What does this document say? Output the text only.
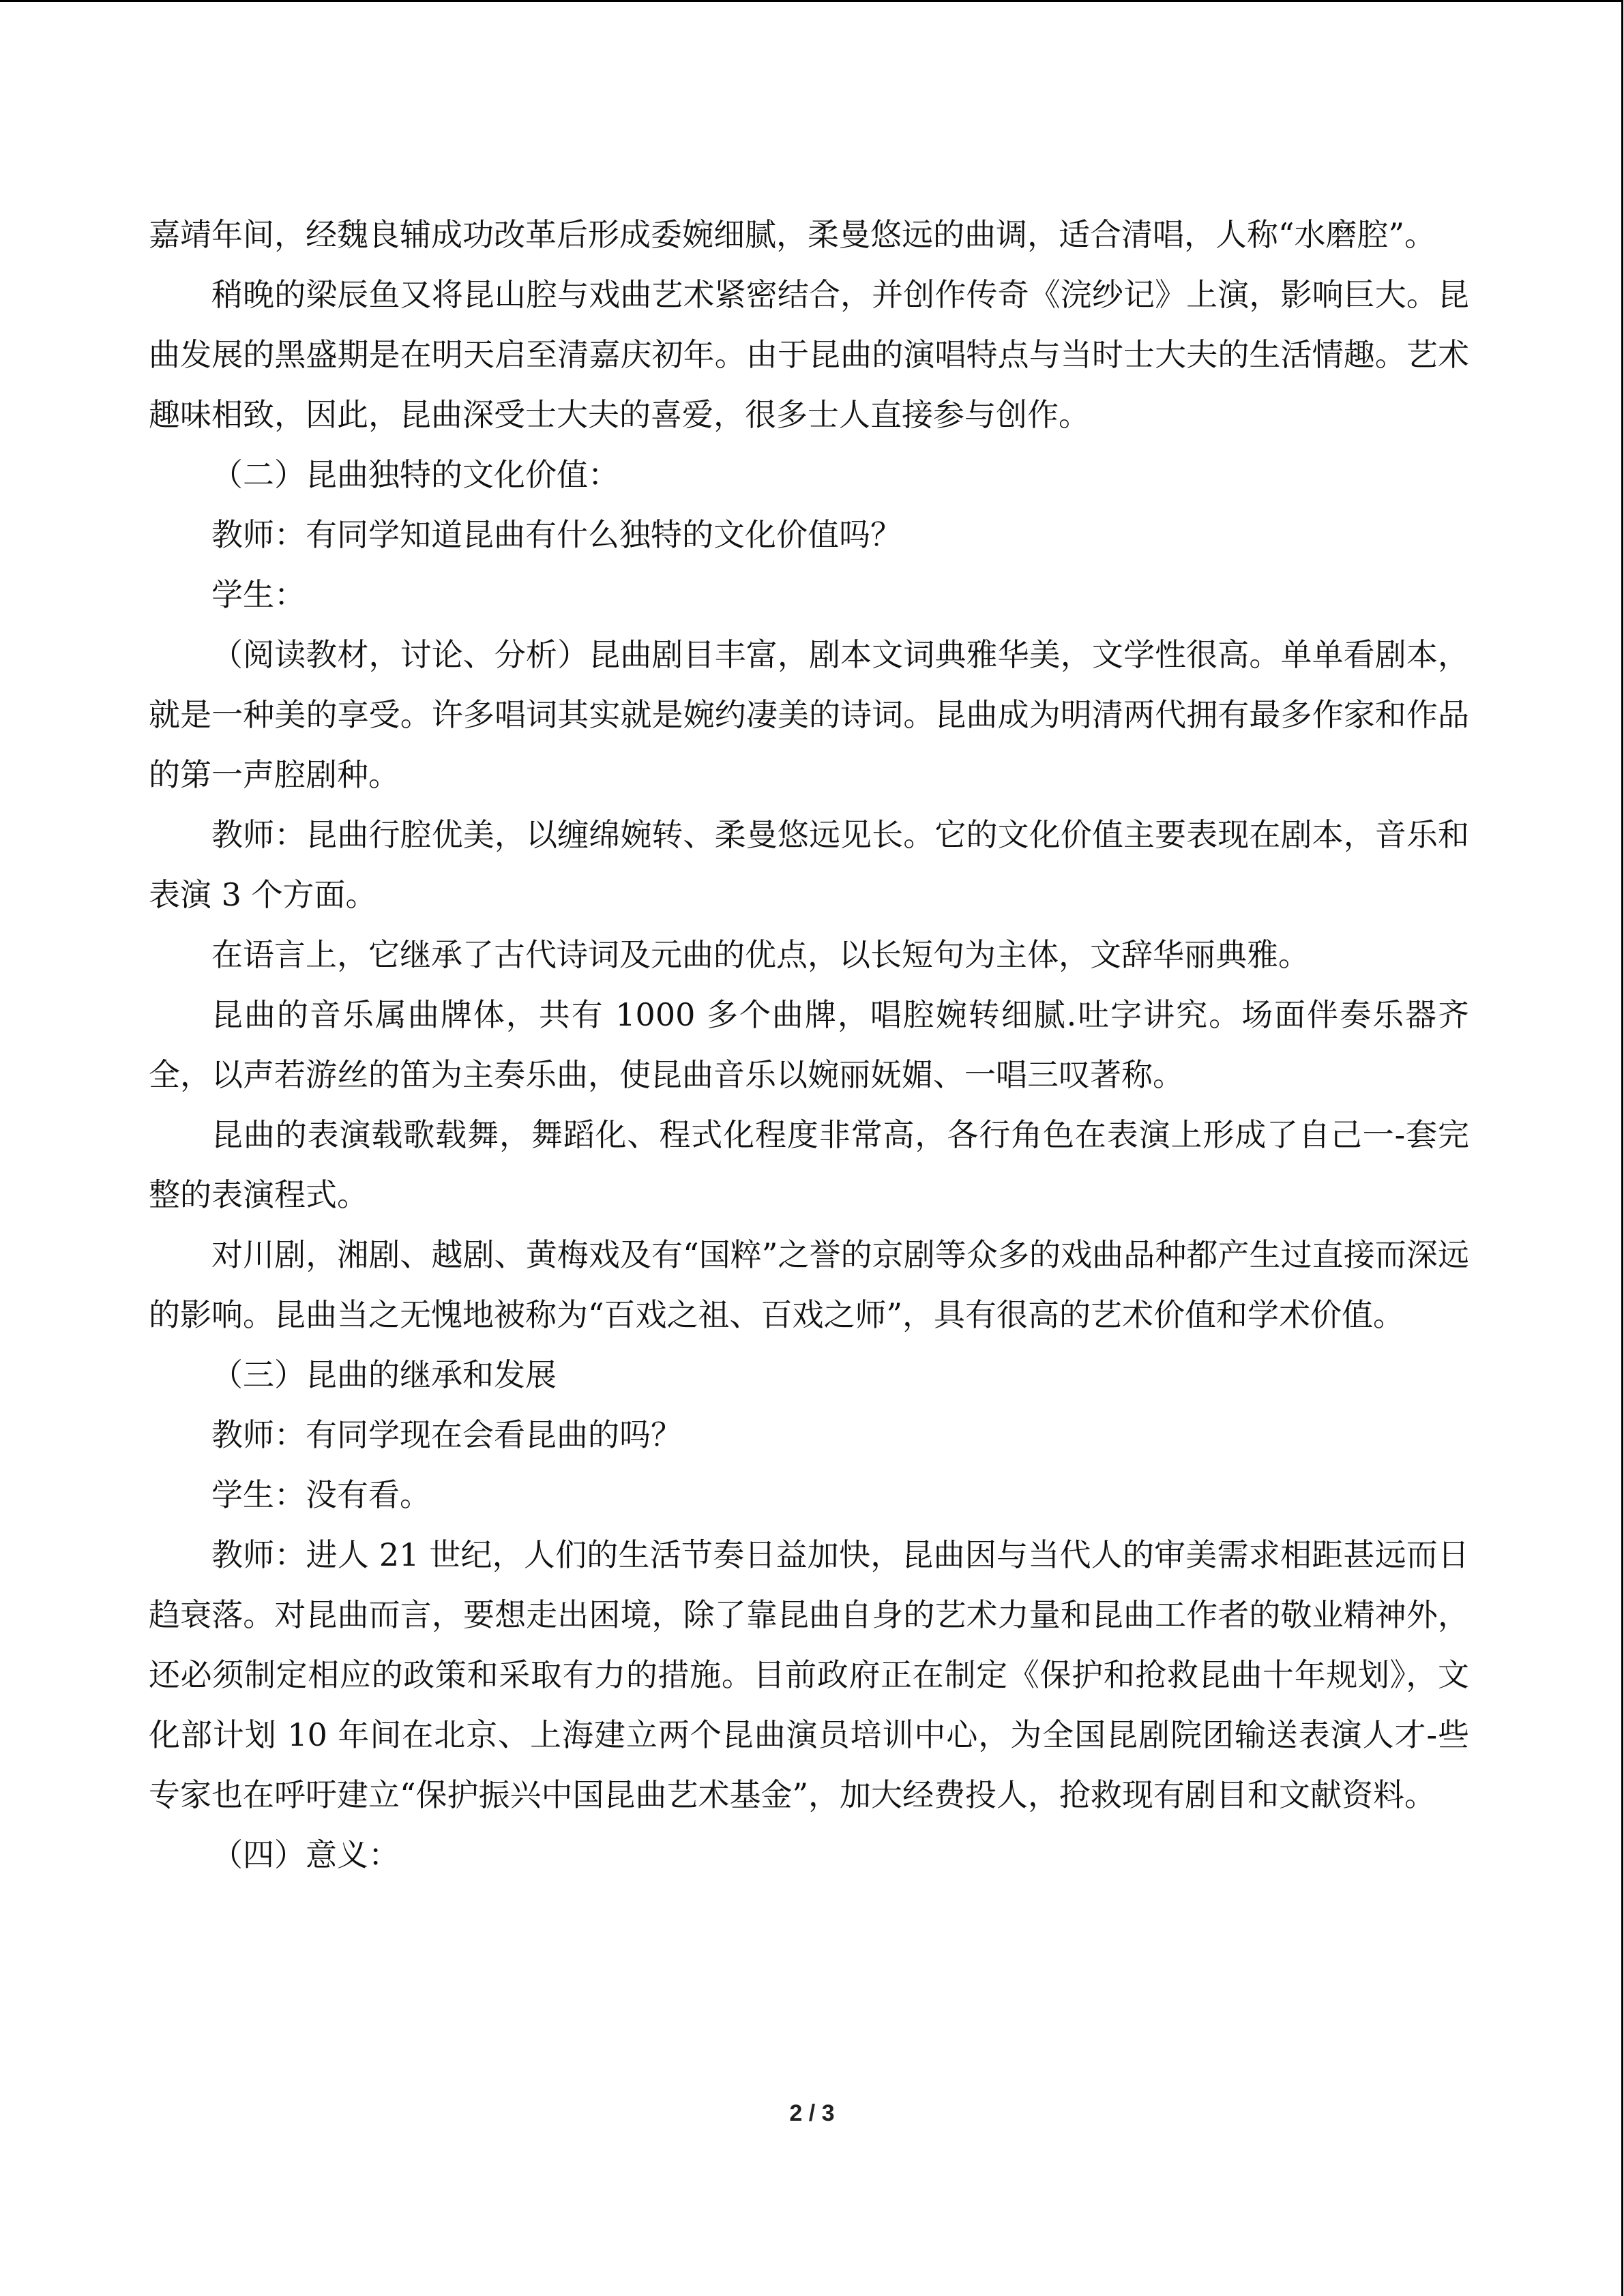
嘉靖年间，经魏良辅成功改革后形成委婉细腻，柔曼悠远的曲调，适合清唱，人称“水磨腔”。

稍晚的梁辰鱼又将昆山腔与戏曲艺术紧密结合，并创作传奇《浣纱记》上演，影响巨大。昆曲发展的黑盛期是在明天启至清嘉庆初年。由于昆曲的演唱特点与当时士大夫的生活情趣。艺术趣味相致，因此，昆曲深受士大夫的喜爱，很多士人直接参与创作。

（二）昆曲独特的文化价值：

教师：有同学知道昆曲有什么独特的文化价值吗？

学生：

（阅读教材，讨论、分析）昆曲剧目丰富，剧本文词典雅华美，文学性很高。单单看剧本，就是一种美的享受。许多唱词其实就是婉约凄美的诗词。昆曲成为明清两代拥有最多作家和作品的第一声腔剧种。

教师：昆曲行腔优美，以缠绵婉转、柔曼悠远见长。它的文化价值主要表现在剧本，音乐和表演 3 个方面。

在语言上，它继承了古代诗词及元曲的优点，以长短句为主体，文辞华丽典雅。

昆曲的音乐属曲牌体，共有 1000 多个曲牌，唱腔婉转细腻.吐字讲究。场面伴奏乐器齐全，以声若游丝的笛为主奏乐曲，使昆曲音乐以婉丽妩媚、一唱三叹著称。

昆曲的表演载歌载舞，舞蹈化、程式化程度非常高，各行角色在表演上形成了自己一-套完整的表演程式。

对川剧，湘剧、越剧、黄梅戏及有“国粹”之誉的京剧等众多的戏曲品种都产生过直接而深远的影响。昆曲当之无愧地被称为“百戏之祖、百戏之师”，具有很高的艺术价值和学术价值。

（三）昆曲的继承和发展

教师：有同学现在会看昆曲的吗？

学生：没有看。

教师：进人 21 世纪，人们的生活节奏日益加快，昆曲因与当代人的审美需求相距甚远而日趋衰落。对昆曲而言，要想走出困境，除了靠昆曲自身的艺术力量和昆曲工作者的敬业精神外，还必须制定相应的政策和采取有力的措施。目前政府正在制定《保护和抢救昆曲十年规划》，文化部计划 10 年间在北京、上海建立两个昆曲演员培训中心，为全国昆剧院团输送表演人才-些专家也在呼吁建立“保护振兴中国昆曲艺术基金”，加大经费投人，抢救现有剧目和文献资料。

（四）意义：

2 / 3
